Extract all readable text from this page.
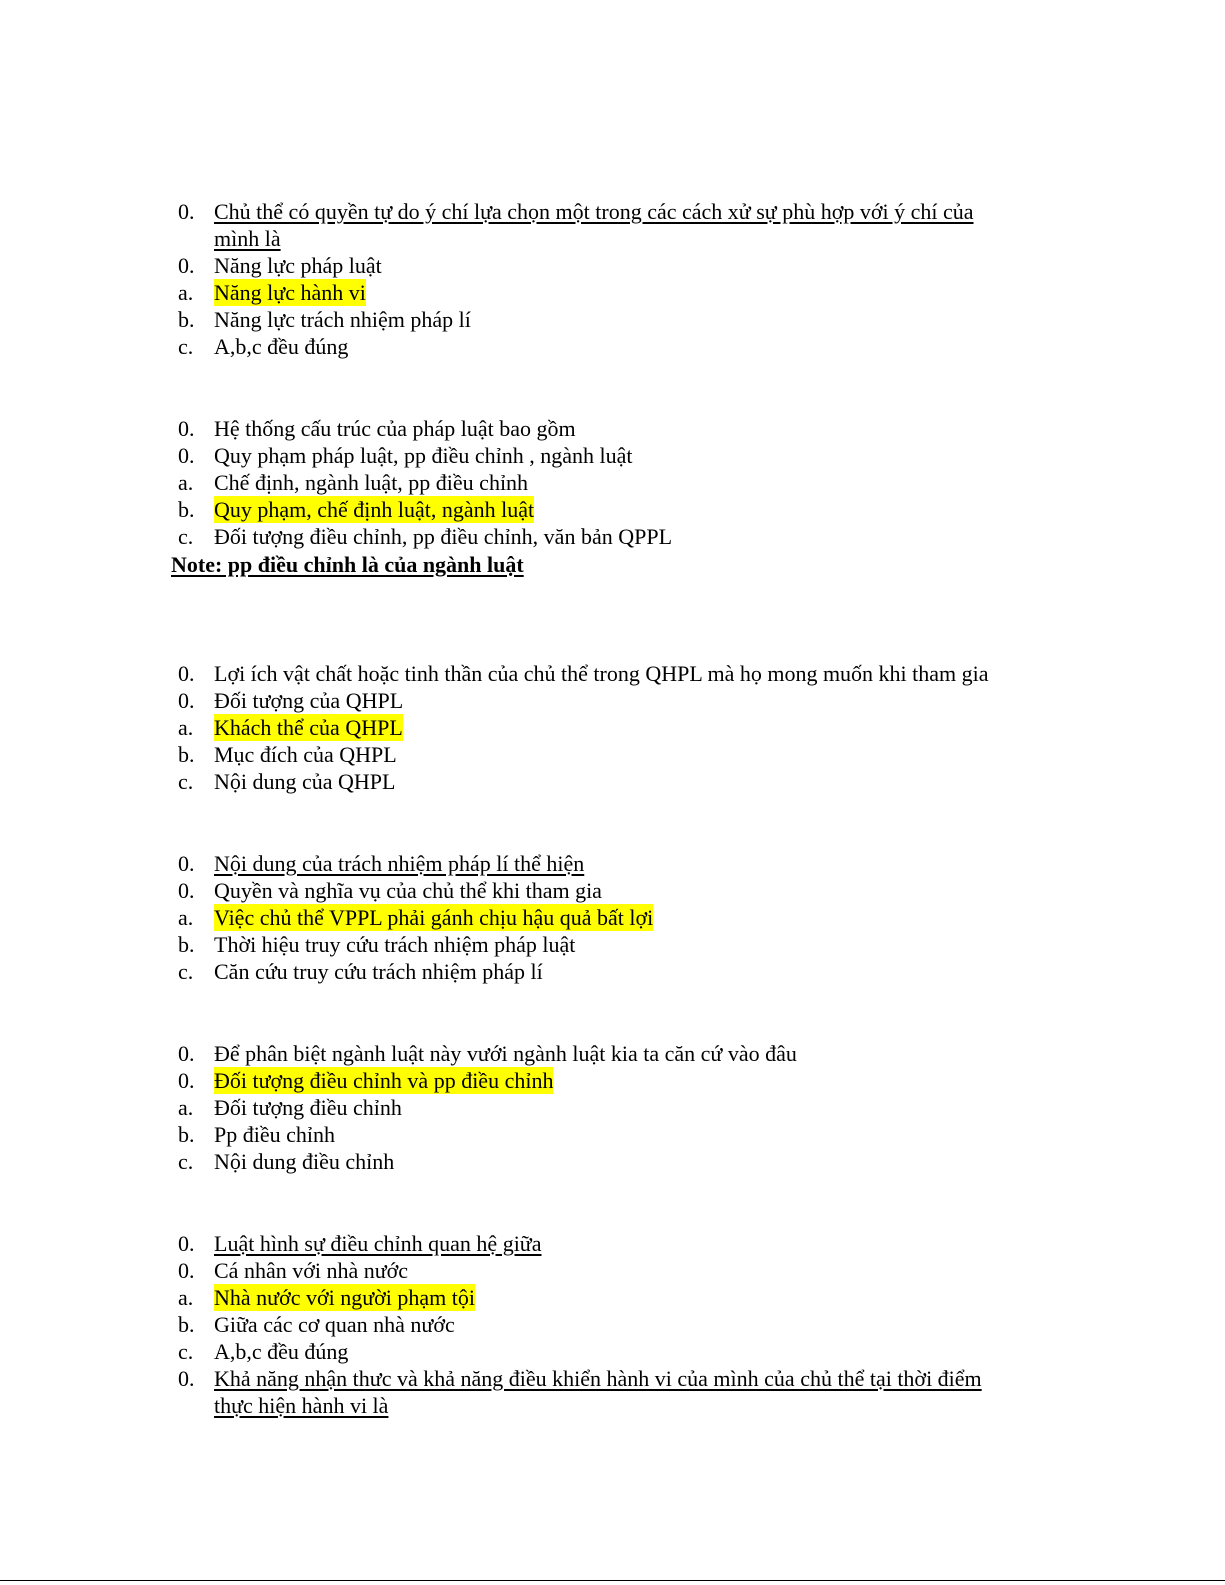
0. Chủ thể có quyền tự do ý chí lựa chọn một trong các cách xử sự phù hợp với ý chí của
mình là
0. Năng lực pháp luật
a. Năng lực hành vi
b. Năng lực trách nhiệm pháp lí
c. A,b,c đều đúng
0. Hệ thống cấu trúc của pháp luật bao gồm
0. Quy phạm pháp luật, pp điều chỉnh , ngành luật
a. Chế định, ngành luật, pp điều chỉnh
b. Quy phạm, chế định luật, ngành luật
c. Đối tượng điều chỉnh, pp điều chỉnh, văn bản QPPL
Note: pp điều chỉnh là của ngành luật
0. Lợi ích vật chất hoặc tinh thần của chủ thể trong QHPL mà họ mong muốn khi tham gia
0. Đối tượng của QHPL
a. Khách thể của QHPL
b. Mục đích của QHPL
c. Nội dung của QHPL
0. Nội dung của trách nhiệm pháp lí thể hiện
0. Quyền và nghĩa vụ của chủ thể khi tham gia
a. Việc chủ thể VPPL phải gánh chịu hậu quả bất lợi
b. Thời hiệu truy cứu trách nhiệm pháp luật
c. Căn cứu truy cứu trách nhiệm pháp lí
0. Để phân biệt ngành luật này vưới ngành luật kia ta căn cứ vào đâu
0. Đối tượng điều chỉnh và pp điều chỉnh
a. Đối tượng điều chỉnh
b. Pp điều chỉnh
c. Nội dung điều chỉnh
0. Luật hình sự điều chỉnh quan hệ giữa
0. Cá nhân với nhà nước
a. Nhà nước với người phạm tội
b. Giữa các cơ quan nhà nước
c. A,b,c đều đúng
0. Khả năng nhận thưc và khả năng điều khiển hành vi của mình của chủ thể tại thời điểm
thực hiện hành vi là
